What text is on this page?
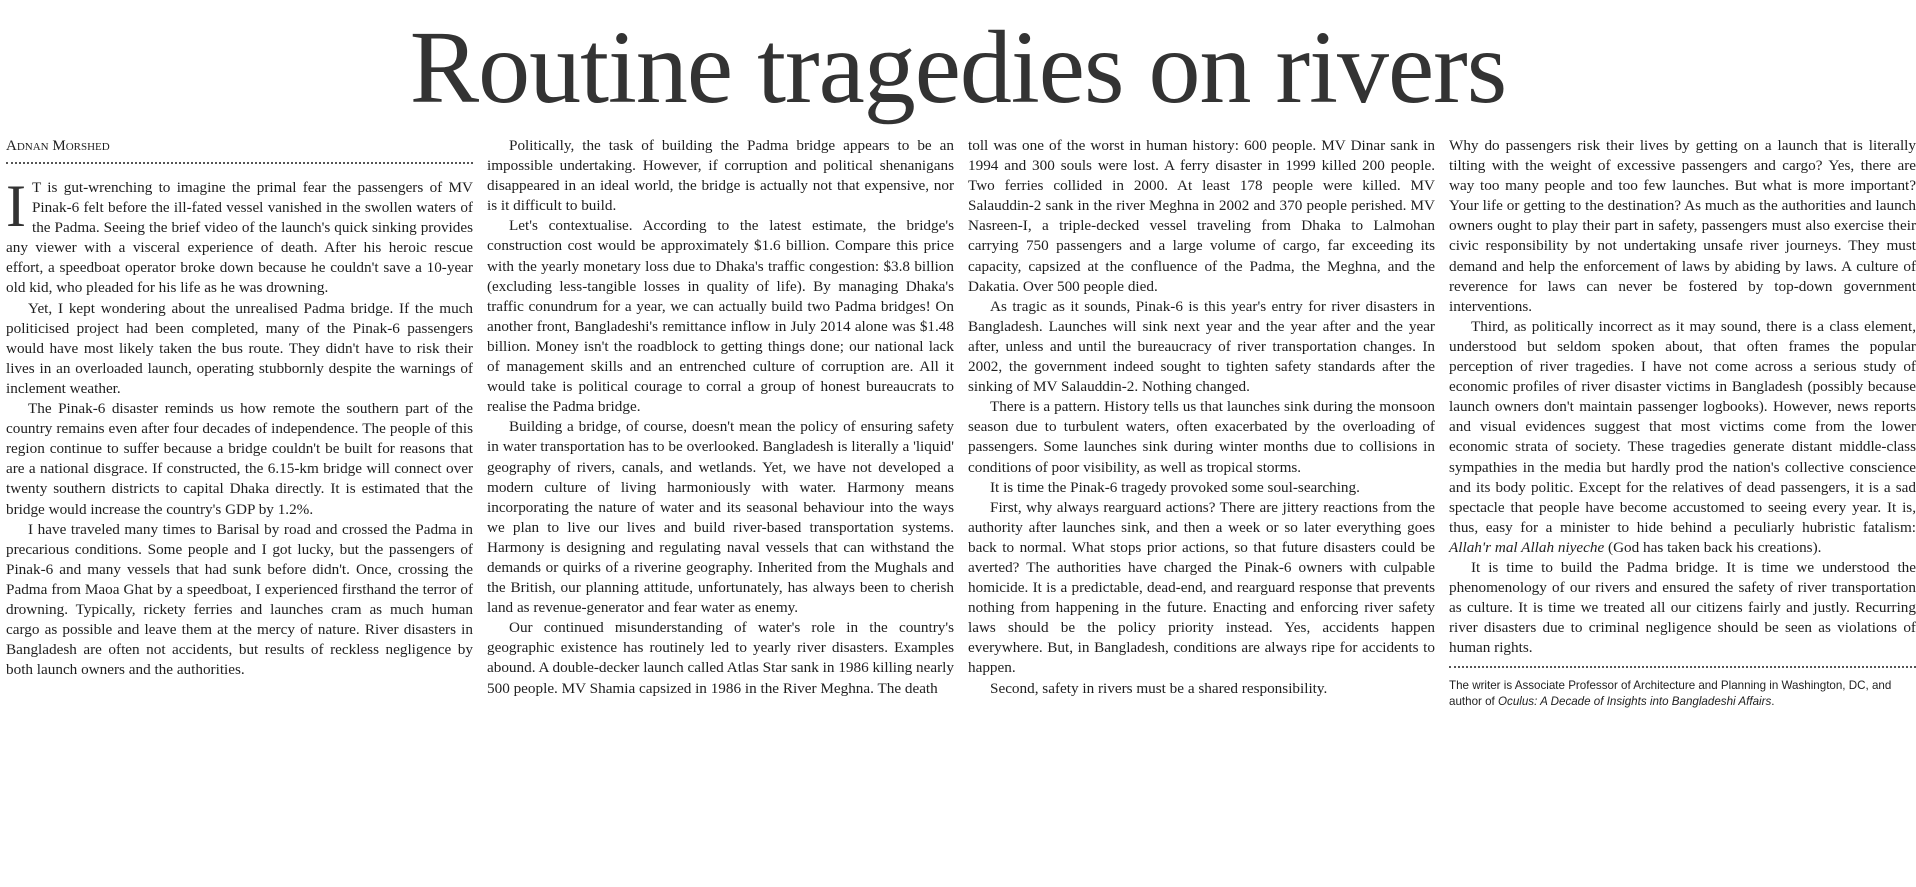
Routine tragedies on rivers
Adnan Morshed

I T is gut-wrenching to imagine the primal fear the passengers of MV Pinak-6 felt before the ill-fated vessel vanished in the swollen waters of the Padma. Seeing the brief video of the launch's quick sinking provides any viewer with a visceral experience of death. After his heroic rescue effort, a speedboat operator broke down because he couldn't save a 10-year old kid, who pleaded for his life as he was drowning.

Yet, I kept wondering about the unrealised Padma bridge. If the much politicised project had been completed, many of the Pinak-6 passengers would have most likely taken the bus route. They didn't have to risk their lives in an overloaded launch, operating stubbornly despite the warnings of inclement weather.

The Pinak-6 disaster reminds us how remote the southern part of the country remains even after four decades of independence. The people of this region continue to suffer because a bridge couldn't be built for reasons that are a national disgrace. If constructed, the 6.15-km bridge will connect over twenty southern districts to capital Dhaka directly. It is estimated that the bridge would increase the country's GDP by 1.2%.

I have traveled many times to Barisal by road and crossed the Padma in precarious conditions. Some people and I got lucky, but the passengers of Pinak-6 and many vessels that had sunk before didn't. Once, crossing the Padma from Maoa Ghat by a speedboat, I experienced firsthand the terror of drowning. Typically, rickety ferries and launches cram as much human cargo as possible and leave them at the mercy of nature. River disasters in Bangladesh are often not accidents, but results of reckless negligence by both launch owners and the authorities.

Politically, the task of building the Padma bridge appears to be an impossible undertaking. However, if corruption and political shenanigans disappeared in an ideal world, the bridge is actually not that expensive, nor is it difficult to build.

Let's contextualise. According to the latest estimate, the bridge's construction cost would be approximately $1.6 billion. Compare this price with the yearly monetary loss due to Dhaka's traffic congestion: $3.8 billion (excluding less-tangible losses in quality of life). By managing Dhaka's traffic conundrum for a year, we can actually build two Padma bridges! On another front, Bangladeshi's remittance inflow in July 2014 alone was $1.48 billion. Money isn't the roadblock to getting things done; our national lack of management skills and an entrenched culture of corruption are. All it would take is political courage to corral a group of honest bureaucrats to realise the Padma bridge.

Building a bridge, of course, doesn't mean the policy of ensuring safety in water transportation has to be overlooked. Bangladesh is literally a 'liquid' geography of rivers, canals, and wetlands. Yet, we have not developed a modern culture of living harmoniously with water. Harmony means incorporating the nature of water and its seasonal behaviour into the ways we plan to live our lives and build river-based transportation systems. Harmony is designing and regulating naval vessels that can withstand the demands or quirks of a riverine geography. Inherited from the Mughals and the British, our planning attitude, unfortunately, has always been to cherish land as revenue-generator and fear water as enemy.

Our continued misunderstanding of water's role in the country's geographic existence has routinely led to yearly river disasters. Examples abound. A double-decker launch called Atlas Star sank in 1986 killing nearly 500 people. MV Shamia capsized in 1986 in the River Meghna. The death

toll was one of the worst in human history: 600 people. MV Dinar sank in 1994 and 300 souls were lost. A ferry disaster in 1999 killed 200 people. Two ferries collided in 2000. At least 178 people were killed. MV Salauddin-2 sank in the river Meghna in 2002 and 370 people perished. MV Nasreen-I, a triple-decked vessel traveling from Dhaka to Lalmohan carrying 750 passengers and a large volume of cargo, far exceeding its capacity, capsized at the confluence of the Padma, the Meghna, and the Dakatia. Over 500 people died.

As tragic as it sounds, Pinak-6 is this year's entry for river disasters in Bangladesh. Launches will sink next year and the year after and the year after, unless and until the bureaucracy of river transportation changes. In 2002, the government indeed sought to tighten safety standards after the sinking of MV Salauddin-2. Nothing changed.

There is a pattern. History tells us that launches sink during the monsoon season due to turbulent waters, often exacerbated by the overloading of passengers. Some launches sink during winter months due to collisions in conditions of poor visibility, as well as tropical storms.

It is time the Pinak-6 tragedy provoked some soul-searching.

First, why always rearguard actions? There are jittery reactions from the authority after launches sink, and then a week or so later everything goes back to normal. What stops prior actions, so that future disasters could be averted? The authorities have charged the Pinak-6 owners with culpable homicide. It is a predictable, dead-end, and rearguard response that prevents nothing from happening in the future. Enacting and enforcing river safety laws should be the policy priority instead. Yes, accidents happen everywhere. But, in Bangladesh, conditions are always ripe for accidents to happen.

Second, safety in rivers must be a shared responsibility.

Why do passengers risk their lives by getting on a launch that is literally tilting with the weight of excessive passengers and cargo? Yes, there are way too many people and too few launches. But what is more important? Your life or getting to the destination? As much as the authorities and launch owners ought to play their part in safety, passengers must also exercise their civic responsibility by not undertaking unsafe river journeys. They must demand and help the enforcement of laws by abiding by laws. A culture of reverence for laws can never be fostered by top-down government interventions.

Third, as politically incorrect as it may sound, there is a class element, understood but seldom spoken about, that often frames the popular perception of river tragedies. I have not come across a serious study of economic profiles of river disaster victims in Bangladesh (possibly because launch owners don't maintain passenger logbooks). However, news reports and visual evidences suggest that most victims come from the lower economic strata of society. These tragedies generate distant middle-class sympathies in the media but hardly prod the nation's collective conscience and its body politic. Except for the relatives of dead passengers, it is a sad spectacle that people have become accustomed to seeing every year. It is, thus, easy for a minister to hide behind a peculiarly hubristic fatalism: Allah'r mal Allah niyeche (God has taken back his creations).

It is time to build the Padma bridge. It is time we understood the phenomenology of our rivers and ensured the safety of river transportation as culture. It is time we treated all our citizens fairly and justly. Recurring river disasters due to criminal negligence should be seen as violations of human rights.

The writer is Associate Professor of Architecture and Planning in Washington, DC, and author of Oculus: A Decade of Insights into Bangladeshi Affairs.
